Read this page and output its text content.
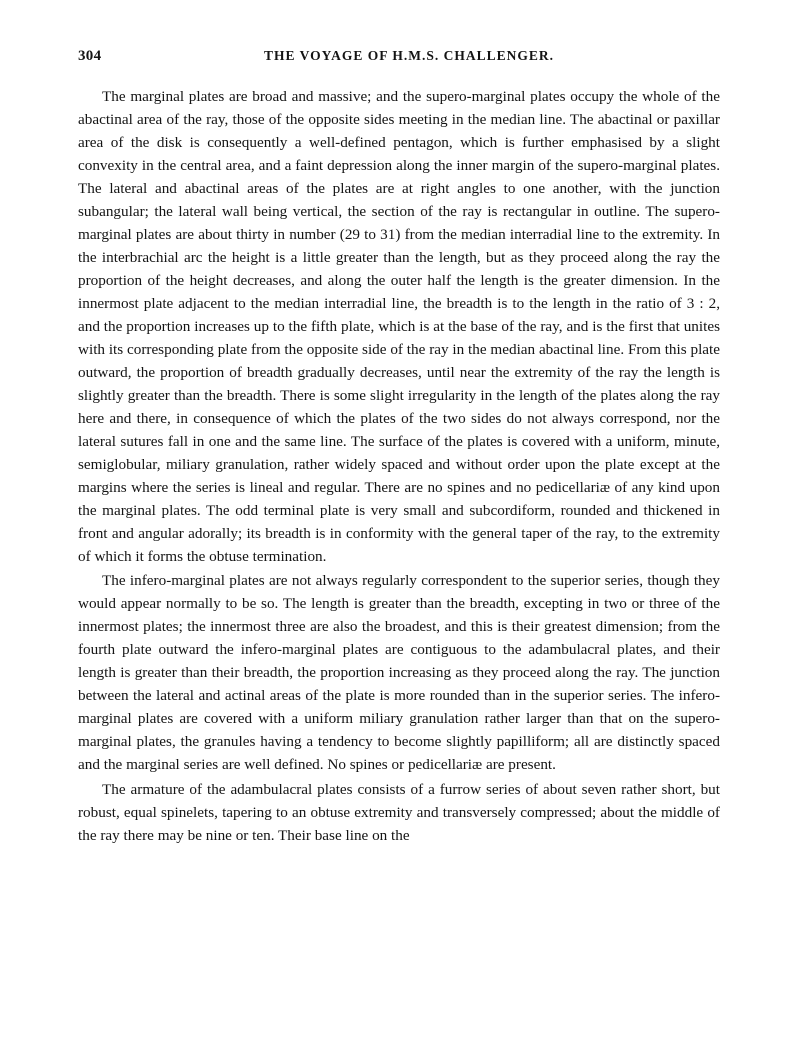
304	THE VOYAGE OF H.M.S. CHALLENGER.

The marginal plates are broad and massive; and the supero-marginal plates occupy the whole of the abactinal area of the ray, those of the opposite sides meeting in the median line. The abactinal or paxillar area of the disk is consequently a well-defined pentagon, which is further emphasised by a slight convexity in the central area, and a faint depression along the inner margin of the supero-marginal plates. The lateral and abactinal areas of the plates are at right angles to one another, with the junction subangular; the lateral wall being vertical, the section of the ray is rectangular in outline. The supero-marginal plates are about thirty in number (29 to 31) from the median interradial line to the extremity. In the interbrachial arc the height is a little greater than the length, but as they proceed along the ray the proportion of the height decreases, and along the outer half the length is the greater dimension. In the innermost plate adjacent to the median interradial line, the breadth is to the length in the ratio of 3 : 2, and the proportion increases up to the fifth plate, which is at the base of the ray, and is the first that unites with its corresponding plate from the opposite side of the ray in the median abactinal line. From this plate outward, the proportion of breadth gradually decreases, until near the extremity of the ray the length is slightly greater than the breadth. There is some slight irregularity in the length of the plates along the ray here and there, in consequence of which the plates of the two sides do not always correspond, nor the lateral sutures fall in one and the same line. The surface of the plates is covered with a uniform, minute, semiglobular, miliary granulation, rather widely spaced and without order upon the plate except at the margins where the series is lineal and regular. There are no spines and no pedicellariæ of any kind upon the marginal plates. The odd terminal plate is very small and subcordiform, rounded and thickened in front and angular adorally; its breadth is in conformity with the general taper of the ray, to the extremity of which it forms the obtuse termination.

The infero-marginal plates are not always regularly correspondent to the superior series, though they would appear normally to be so. The length is greater than the breadth, excepting in two or three of the innermost plates; the innermost three are also the broadest, and this is their greatest dimension; from the fourth plate outward the infero-marginal plates are contiguous to the adambulacral plates, and their length is greater than their breadth, the proportion increasing as they proceed along the ray. The junction between the lateral and actinal areas of the plate is more rounded than in the superior series. The infero-marginal plates are covered with a uniform miliary granulation rather larger than that on the supero-marginal plates, the granules having a tendency to become slightly papilliform; all are distinctly spaced and the marginal series are well defined. No spines or pedicellariæ are present.

The armature of the adambulacral plates consists of a furrow series of about seven rather short, but robust, equal spinelets, tapering to an obtuse extremity and transversely compressed; about the middle of the ray there may be nine or ten. Their base line on the
